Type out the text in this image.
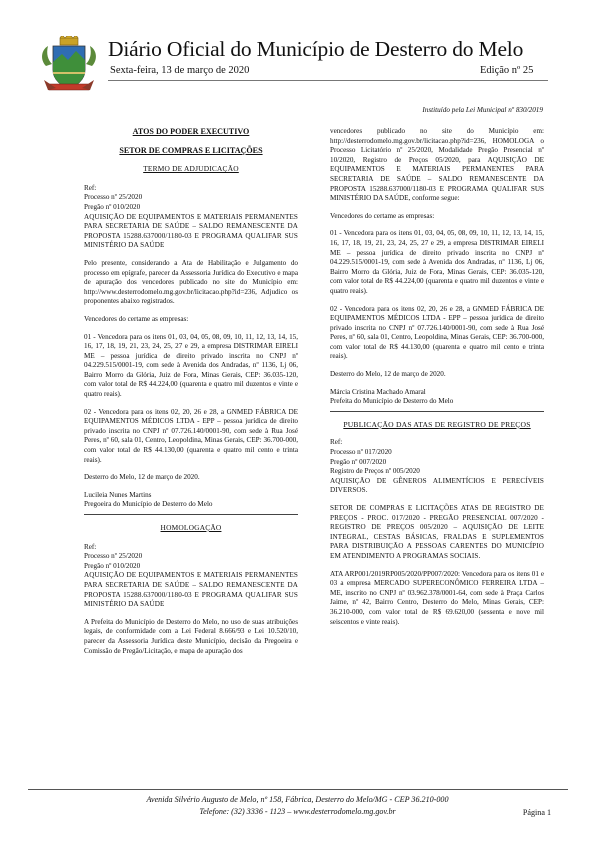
Diário Oficial do Município de Desterro do Melo
Sexta-feira, 13 de março de 2020	Edição nº 25
Instituído pela Lei Municipal nº 830/2019

ATOS DO PODER EXECUTIVO

SETOR DE COMPRAS E LICITAÇÕES

TERMO DE ADJUDICAÇÃO

Ref:

Processo nº 25/2020

Pregão nº 010/2020

AQUISIÇÃO DE EQUIPAMENTOS E MATERIAIS PERMANENTES PARA SECRETARIA DE SAÚDE – SALDO REMANESCENTE DA PROPOSTA 15288.637000/1180-03 E PROGRAMA QUALIFAR SUS MINISTÉRIO DA SAÚDE

Pelo presente, considerando a Ata de Habilitação e Julgamento do processo em epígrafe, parecer da Assessoria Jurídica do Executivo e mapa de apuração dos vencedores publicado no site do Município em: http://www.desterrodomelo.mg.gov.br/licitacao.php?id=236, Adjudico os proponentes abaixo registrados.

Vencedores do certame as empresas:

01 - Vencedora para os itens 01, 03, 04, 05, 08, 09, 10, 11, 12, 13, 14, 15, 16, 17, 18, 19, 21, 23, 24, 25, 27 e 29, a empresa DISTRIMAR EIRELI ME – pessoa jurídica de direito privado inscrita no CNPJ nº 04.229.515/0001-19, com sede à Avenida dos Andradas, nº 1136, Lj 06, Bairro Morro da Glória, Juiz de Fora, Minas Gerais, CEP: 36.035-120, com valor total de R$ 44.224,00 (quarenta e quatro mil duzentos e vinte e quatro reais).

02 - Vencedora para os itens 02, 20, 26 e 28, a GNMED FÁBRICA DE EQUIPAMENTOS MÉDICOS LTDA - EPP – pessoa jurídica de direito privado inscrita no CNPJ nº 07.726.140/0001-90, com sede à Rua José Peres, nº 60, sala 01, Centro, Leopoldina, Minas Gerais, CEP: 36.700-000, com valor total de R$ 44.130,00 (quarenta e quatro mil cento e trinta reais).

Desterro do Melo, 12 de março de 2020.

Lucileia Nunes Martins

Pregoeira do Município de Desterro do Melo

HOMOLOGAÇÃO

Ref:

Processo nº 25/2020

Pregão nº 010/2020

AQUISIÇÃO DE EQUIPAMENTOS E MATERIAIS PERMANENTES PARA SECRETARIA DE SAÚDE – SALDO REMANESCENTE DA PROPOSTA 15288.637000/1180-03 E PROGRAMA QUALIFAR SUS MINISTÉRIO DA SAÚDE

A Prefeita do Município de Desterro do Melo, no uso de suas atribuições legais, de conformidade com a Lei Federal 8.666/93 e Lei 10.520/10, parecer da Assessoria Jurídica deste Município, decisão da Pregoeira e Comissão de Pregão/Licitação, e mapa de apuração dos

vencedores publicado no site do Município em: http://desterrodomelo.mg.gov.br/licitacao.php?id=236, HOMOLOGA o Processo Licitatório nº 25/2020, Modalidade Pregão Presencial nº 10/2020, Registro de Preços 05/2020, para AQUISIÇÃO DE EQUIPAMENTOS E MATERIAIS PERMANENTES PARA SECRETARIA DE SAÚDE – SALDO REMANESCENTE DA PROPOSTA 15288.637000/1180-03 E PROGRAMA QUALIFAR SUS MINISTÉRIO DA SAÚDE, conforme segue:

Vencedores do certame as empresas:

01 - Vencedora para os itens 01, 03, 04, 05, 08, 09, 10, 11, 12, 13, 14, 15, 16, 17, 18, 19, 21, 23, 24, 25, 27 e 29, a empresa DISTRIMAR EIRELI ME – pessoa jurídica de direito privado inscrita no CNPJ nº 04.229.515/0001-19, com sede à Avenida dos Andradas, nº 1136, Lj 06, Bairro Morro da Glória, Juiz de Fora, Minas Gerais, CEP: 36.035-120, com valor total de R$ 44.224,00 (quarenta e quatro mil duzentos e vinte e quatro reais).

02 - Vencedora para os itens 02, 20, 26 e 28, a GNMED FÁBRICA DE EQUIPAMENTOS MÉDICOS LTDA - EPP – pessoa jurídica de direito privado inscrita no CNPJ nº 07.726.140/0001-90, com sede à Rua José Peres, nº 60, sala 01, Centro, Leopoldina, Minas Gerais, CEP: 36.700-000, com valor total de R$ 44.130,00 (quarenta e quatro mil cento e trinta reais).

Desterro do Melo, 12 de março de 2020.

Márcia Cristina Machado Amaral

Prefeita do Município de Desterro do Melo

PUBLICAÇÃO DAS ATAS DE REGISTRO DE PREÇOS

Ref:

Processo nº 017/2020

Pregão nº 007/2020

Registro de Preços nº 005/2020

AQUISIÇÃO DE GÊNEROS ALIMENTÍCIOS E PERECÍVEIS DIVERSOS.

SETOR DE COMPRAS E LICITAÇÕES ATAS DE REGISTRO DE PREÇOS - PROC. 017/2020 - PREGÃO PRESENCIAL 007/2020 - REGISTRO DE PREÇOS 005/2020 – AQUISIÇÃO DE LEITE INTEGRAL, CESTAS BÁSICAS, FRALDAS E SUPLEMENTOS PARA DISTRIBUIÇÃO A PESSOAS CARENTES DO MUNICÍPIO EM ATENDIMENTO A PROGRAMAS SOCIAIS.

ATA ARP001/2019RP005/2020/PP007/2020: Vencedora para os itens 01 e 03 a empresa MERCADO SUPERECONÔMICO FERREIRA LTDA – ME, inscrito no CNPJ nº 03.962.378/0001-64, com sede à Praça Carlos Jaime, nº 42, Bairro Centro, Desterro do Melo, Minas Gerais, CEP: 36.210-000, com valor total de R$ 69.620,00 (sessenta e nove mil seiscentos e vinte reais).

Avenida Silvério Augusto de Melo, nº 158, Fábrica, Desterro do Melo/MG - CEP 36.210-000
Telefone: (32) 3336 - 1123 – www.desterrodomelo.mg.gov.br	Página 1
